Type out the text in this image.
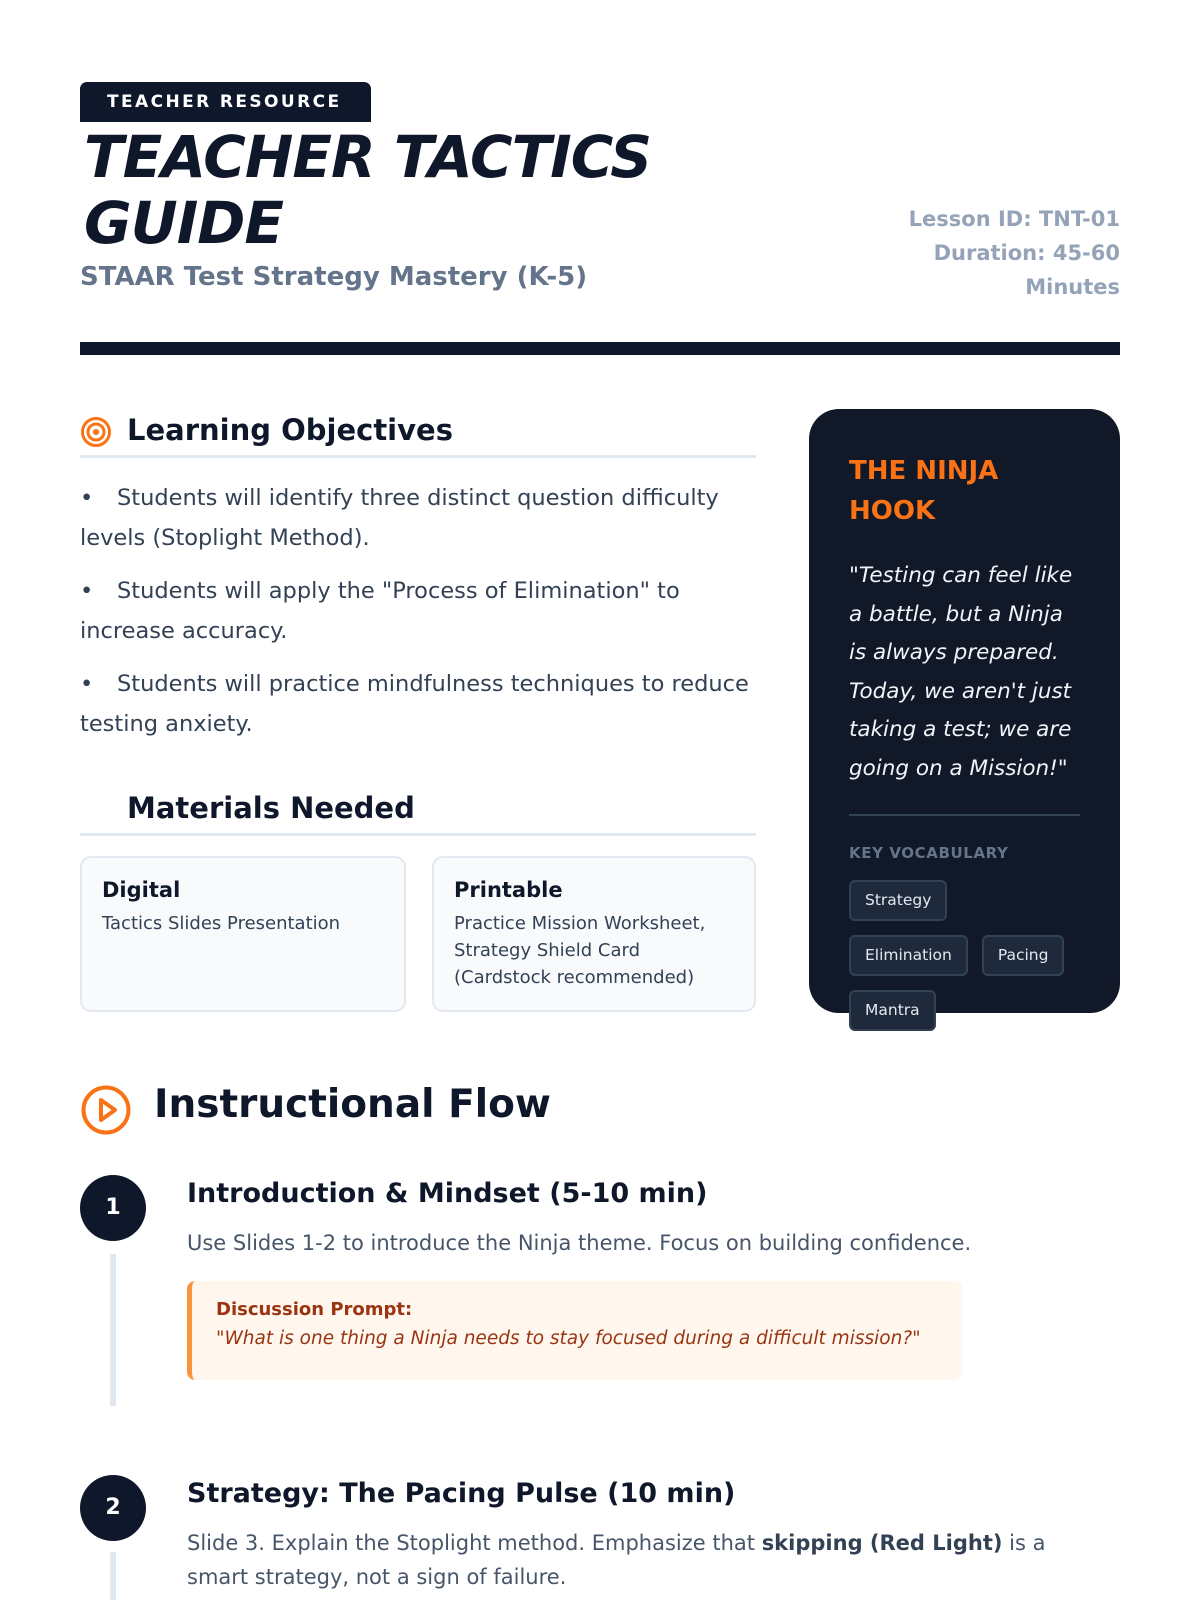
TEACHER RESOURCE
TEACHER TACTICS GUIDE
STAAR Test Strategy Mastery (K-5)
Lesson ID: TNT-01
Duration: 45-60 Minutes
Learning Objectives
• Students will identify three distinct question difficulty levels (Stoplight Method).
• Students will apply the "Process of Elimination" to increase accuracy.
• Students will practice mindfulness techniques to reduce testing anxiety.
Materials Needed
Digital
Tactics Slides Presentation
Printable
Practice Mission Worksheet, Strategy Shield Card (Cardstock recommended)
THE NINJA HOOK
"Testing can feel like a battle, but a Ninja is always prepared. Today, we aren't just taking a test; we are going on a Mission!"
KEY VOCABULARY
Strategy
Elimination	Pacing
Mantra
Instructional Flow
1	Introduction & Mindset (5-10 min)
Use Slides 1-2 to introduce the Ninja theme. Focus on building confidence.
Discussion Prompt:
"What is one thing a Ninja needs to stay focused during a difficult mission?"
2	Strategy: The Pacing Pulse (10 min)
Slide 3. Explain the Stoplight method. Emphasize that skipping (Red Light) is a smart strategy, not a sign of failure.
